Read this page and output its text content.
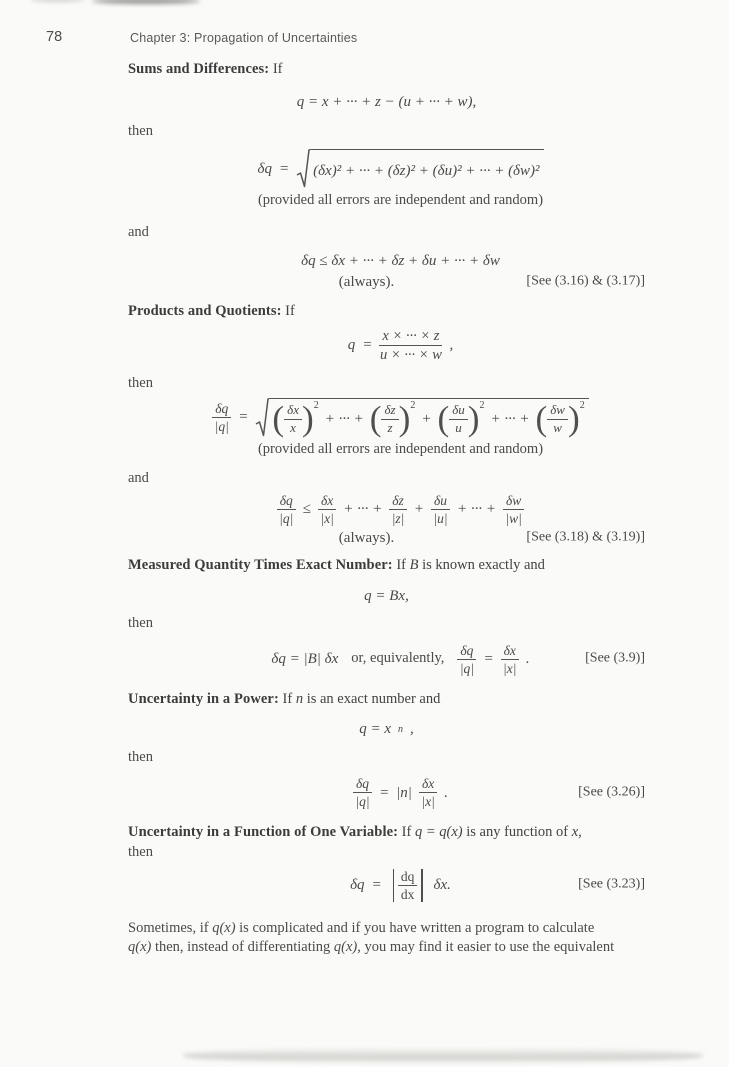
78	Chapter 3: Propagation of Uncertainties
Sums and Differences: If
q = x + ··· + z − (u + ··· + w),
then
δq = (δx)² + ··· + (δz)² + (δu)² + ··· + (δw)²
(provided all errors are independent and random)
and
δq ≤ δx + ··· + δz + δu + ··· + δw
(always).	[See (3.16) & (3.17)]
Products and Quotients: If
$q = \frac{x \times \cdot\cdot\cdot \times z}{u \times \cdot\cdot\cdot \times w}$ ,
then
$\frac{\delta q}{|q|}$ = ( $\frac{\delta x}{x}$ ) 2
+ ··· + ( $\frac{\delta z}{z}$ ) 2
+ ( $\frac{\delta u}{u}$ ) 2
+ ··· + ( $\frac{\delta w}{w}$ ) 2
(provided all errors are independent and random)
and
$\frac{\delta q}{|q|} \le \frac{\delta x}{|x|}$ + ··· + $\frac{\delta z}{|z|} + \frac{\delta u}{|u|}$ + ··· + $\frac{\delta w}{|w|}$
(always).	[See (3.18) & (3.19)]
Measured Quantity Times Exact Number: If B is known exactly and
q = Bx,
then
δq = |B| δx or, equivalently, $\frac{\delta q}{|q|} = \frac{\delta x}{|x|}$ .	[See (3.9)]
Uncertainty in a Power: If n is an exact number and
q = x n ,
then
$\frac{\delta q}{|q|} = |n| \frac{\delta x}{|x|}$ .	[See (3.26)]
Uncertainty in a Function of One Variable: If q = q(x) is any function of x,
then
$\delta q = \frac{dq}{dx} \delta x$.	[See (3.23)]
Sometimes, if q(x) is complicated and if you have written a program to calculate
q(x) then, instead of differentiating q(x), you may find it easier to use the equivalent
